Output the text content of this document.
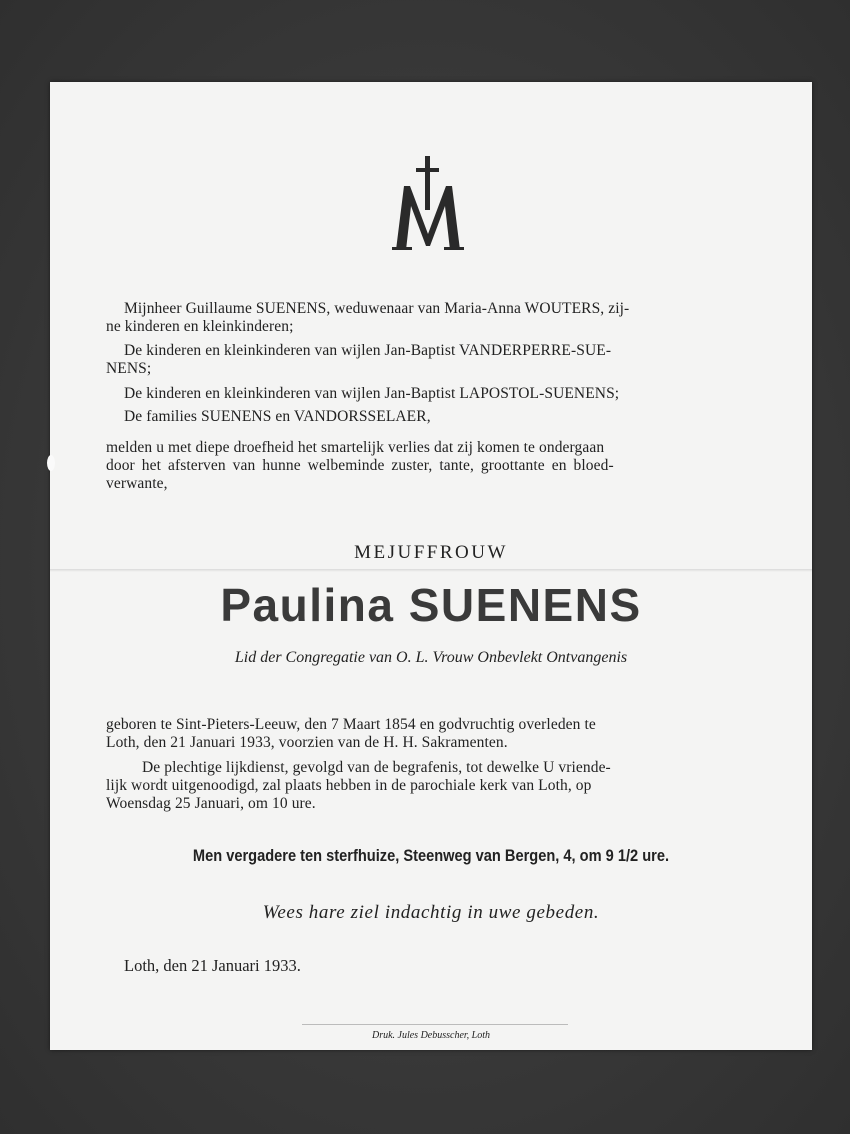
Mijnheer Guillaume SUENENS, weduwenaar van Maria-Anna WOUTERS, zij-
ne kinderen en kleinkinderen;
De kinderen en kleinkinderen van wijlen Jan-Baptist VANDERPERRE-SUE-
NENS;
De kinderen en kleinkinderen van wijlen Jan-Baptist LAPOSTOL-SUENENS;
De families SUENENS en VANDORSSELAER,
melden u met diepe droefheid het smartelijk verlies dat zij komen te ondergaan
door het afsterven van hunne welbeminde zuster, tante, groottante en bloed-
verwante,
MEJUFFROUW
Paulina SUENENS
Lid der Congregatie van O. L. Vrouw Onbevlekt Ontvangenis
geboren te Sint-Pieters-Leeuw, den 7 Maart 1854 en godvruchtig overleden te
Loth, den 21 Januari 1933, voorzien van de H. H. Sakramenten.
De plechtige lijkdienst, gevolgd van de begrafenis, tot dewelke U vriende-
lijk wordt uitgenoodigd, zal plaats hebben in de parochiale kerk van Loth, op
Woensdag 25 Januari, om 10 ure.
Men vergadere ten sterfhuize, Steenweg van Bergen, 4, om 9 1/2 ure.
Wees hare ziel indachtig in uwe gebeden.
Loth, den 21 Januari 1933.
Druk. Jules Debusscher, Loth
